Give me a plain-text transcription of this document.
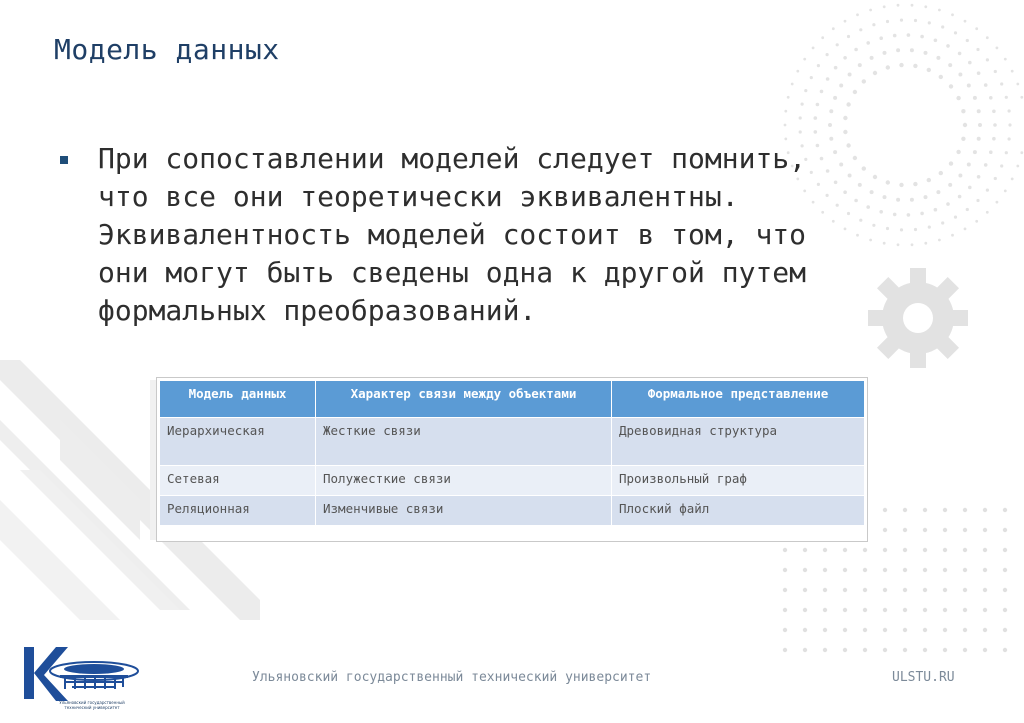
Модель данных
При сопоставлении моделей следует помнить,
что все они теоретически эквивалентны.
Эквивалентность моделей состоит в том, что
они могут быть сведены одна к другой путем
формальных преобразований.
Модель данных	Характер связи между объектами	Формальное представление
Иерархическая	Жесткие связи	Древовидная структура
Сетевая	Полужесткие связи	Произвольный граф
Реляционная	Изменчивые связи	Плоский файл
Ульяновский государственный технический университет
Ульяновский государственный технический университет	ULSTU.RU
